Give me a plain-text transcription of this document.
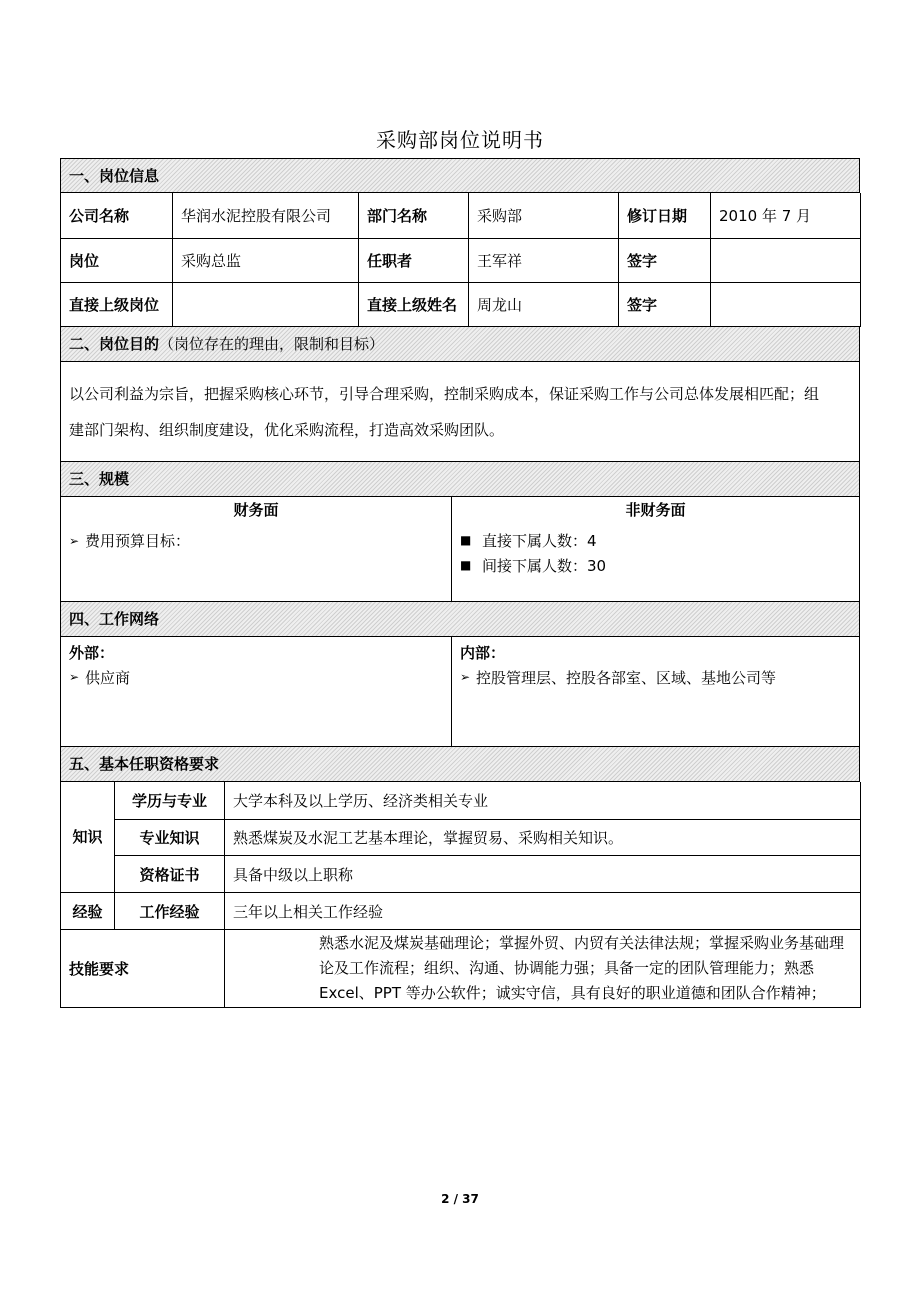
采购部岗位说明书
一、岗位信息
公司名称	华润水泥控股有限公司	部门名称	采购部	修订日期	2010 年 7 月
岗位	采购总监	任职者	王军祥	签字	
直接上级岗位		直接上级姓名	周龙山	签字	
二、岗位目的（岗位存在的理由，限制和目标）
以公司利益为宗旨，把握采购核心环节，引导合理采购，控制采购成本，保证采购工作与公司总体发展相匹配；组
建部门架构、组织制度建设，优化采购流程，打造高效采购团队。
三、规模
财务面
➢ 费用预算目标：
非财务面
■ 直接下属人数：4
■ 间接下属人数：30
四、工作网络
外部：
➢ 供应商
内部：
➢ 控股管理层、控股各部室、区域、基地公司等
五、基本任职资格要求
知识	学历与专业	大学本科及以上学历、经济类相关专业
	专业知识	熟悉煤炭及水泥工艺基本理论，掌握贸易、采购相关知识。
	资格证书	具备中级以上职称
经验	工作经验	三年以上相关工作经验
技能要求		熟悉水泥及煤炭基础理论；掌握外贸、内贸有关法律法规；掌握采购业务基础理
论及工作流程；组织、沟通、协调能力强；具备一定的团队管理能力；熟悉
Excel、PPT 等办公软件；诚实守信，具有良好的职业道德和团队合作精神；
2 / 37
